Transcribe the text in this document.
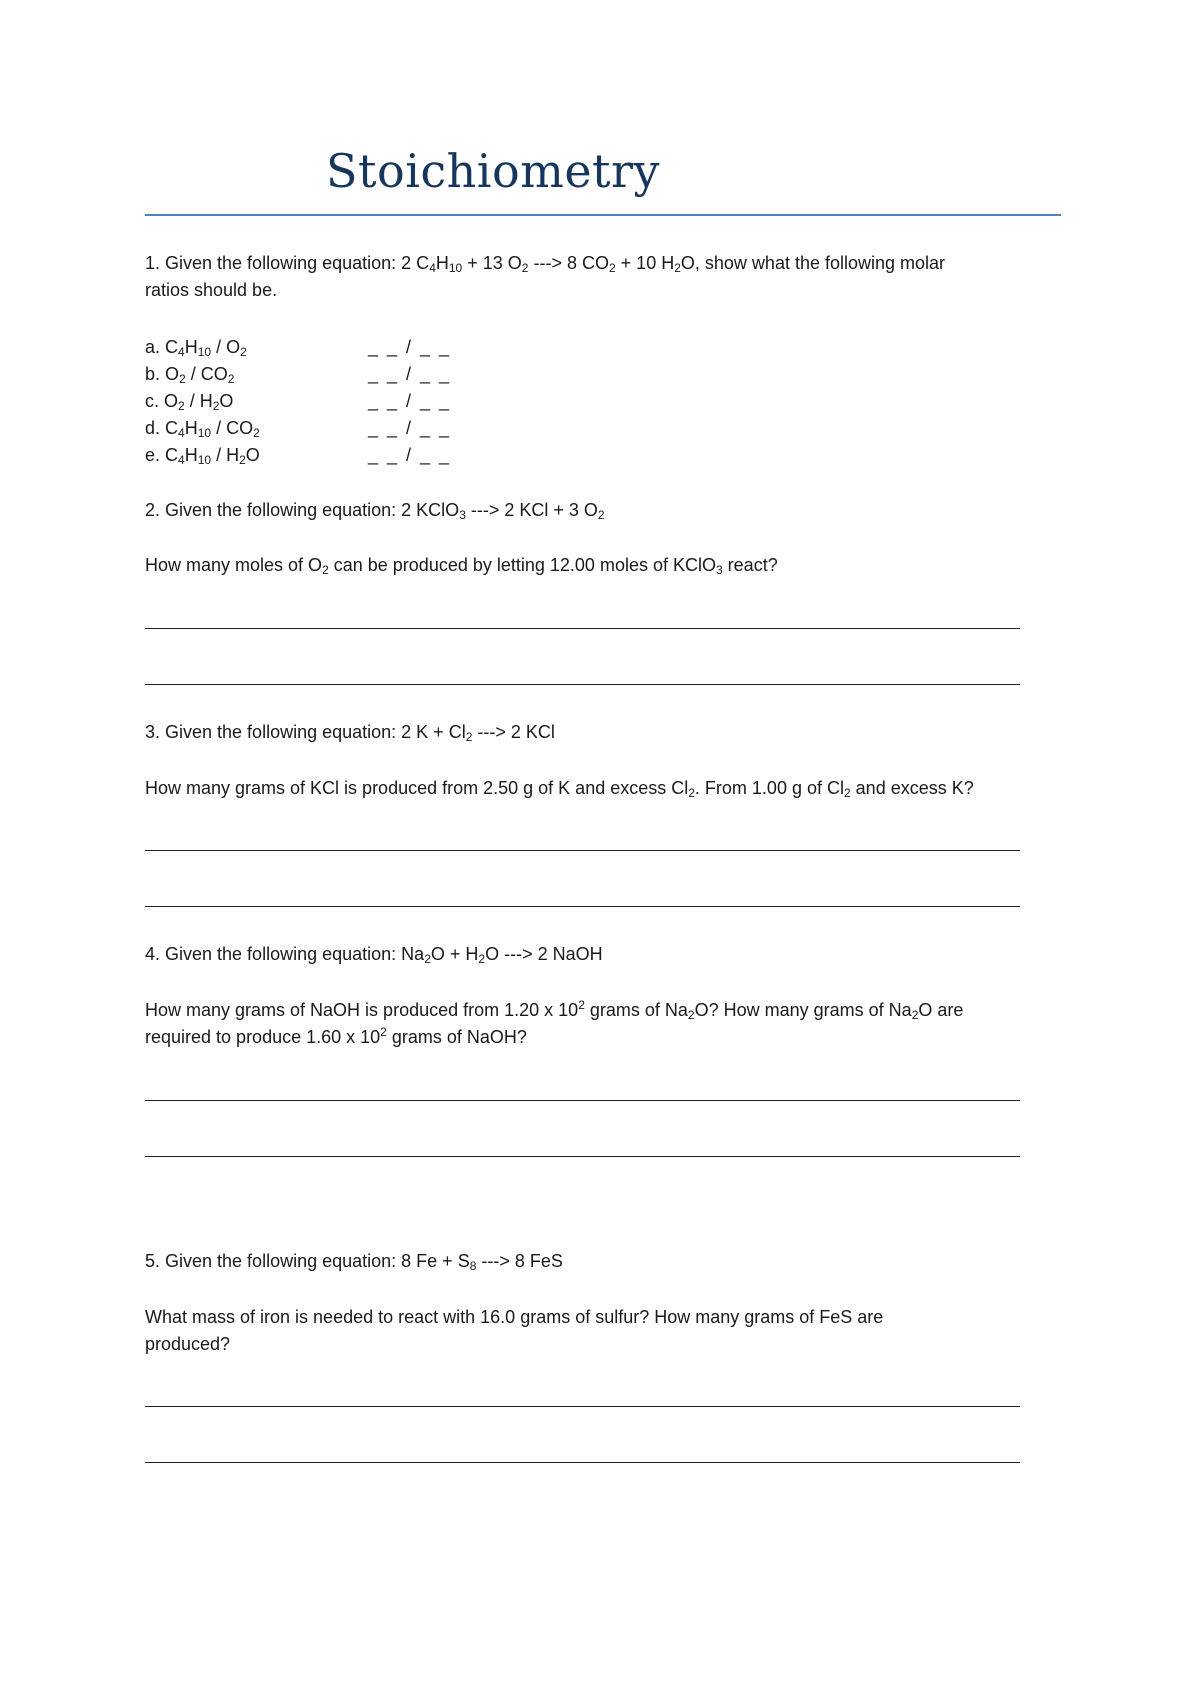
Stoichiometry
1. Given the following equation: 2 $C_4H_{10} + 13$ $O_2$ ---> 8 $CO_2 + 10$ $H_2O$, show what the following molar
ratios should be.
a. $C_4H_{10} / O_2$	_ _ / _ _
b. $O_2 / CO_2$	_ _ / _ _
c. $O_2 / H_2O$	_ _ / _ _
d. $C_4H_{10} / CO_2$	_ _ / _ _
e. $C_4H_{10} / H_2O$	_ _ / _ _
2. Given the following equation: 2 KClO$_3$ ---> 2 KCl + 3 $O_2$
How many moles of $O_2$ can be produced by letting 12.00 moles of KClO$_3$ react?
3. Given the following equation: 2 $K + Cl_2$ ---> 2 KCl
How many grams of KCl is produced from 2.50 g of K and excess $Cl_2$. From 1.00 g of $Cl_2$ and excess K?
4. Given the following equation: $Na_2O + H_2O$ ---> 2 NaOH
How many grams of NaOH is produced from 1.20 x $10^2$ grams of $Na_2O$? How many grams of $Na_2O$ are
required to produce 1.60 x $10^2$ grams of NaOH?
5. Given the following equation: 8 $Fe + S_8$ ---> 8 FeS
What mass of iron is needed to react with 16.0 grams of sulfur? How many grams of FeS are
produced?
